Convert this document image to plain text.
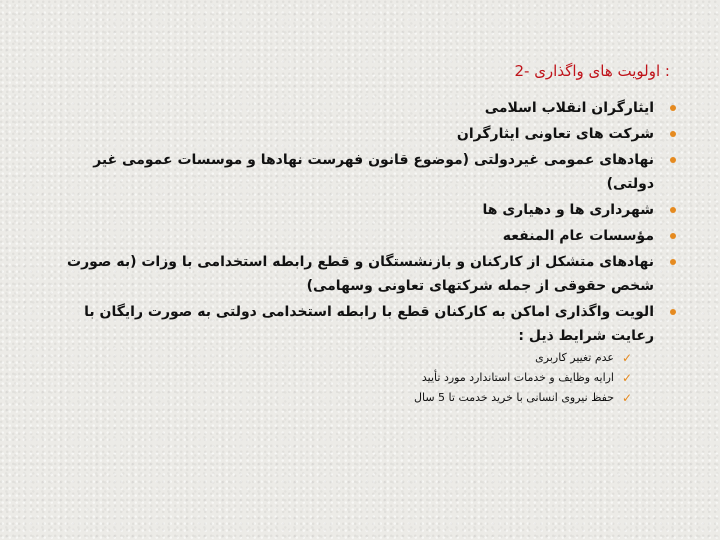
: اولویت های واگذاری -2
ایثارگران انقلاب اسلامی
شرکت های تعاونی ایثارگران
نهادهای عمومی غیردولتی (موضوع قانون فهرست نهادها و موسسات عمومی غیر دولتی)
شهرداری ها و دهیاری ها
مؤسسات عام المنفعه
نهادهای متشکل از کارکنان و بازنشستگان و قطع رابطه استخدامی با وزات (به صورت شخص حقوقی از جمله شرکتهای تعاونی وسهامی)
الویت واگذاری اماکن به کارکنان قطع با رابطه استخدامی دولتی به صورت رایگان با رعایت شرایط ذیل :
✓
عدم تغییر کاربری
✓
ارایه وظایف و خدمات استاندارد مورد تأیید
✓
حفظ نیروی انسانی با خرید خدمت تا 5 سال
